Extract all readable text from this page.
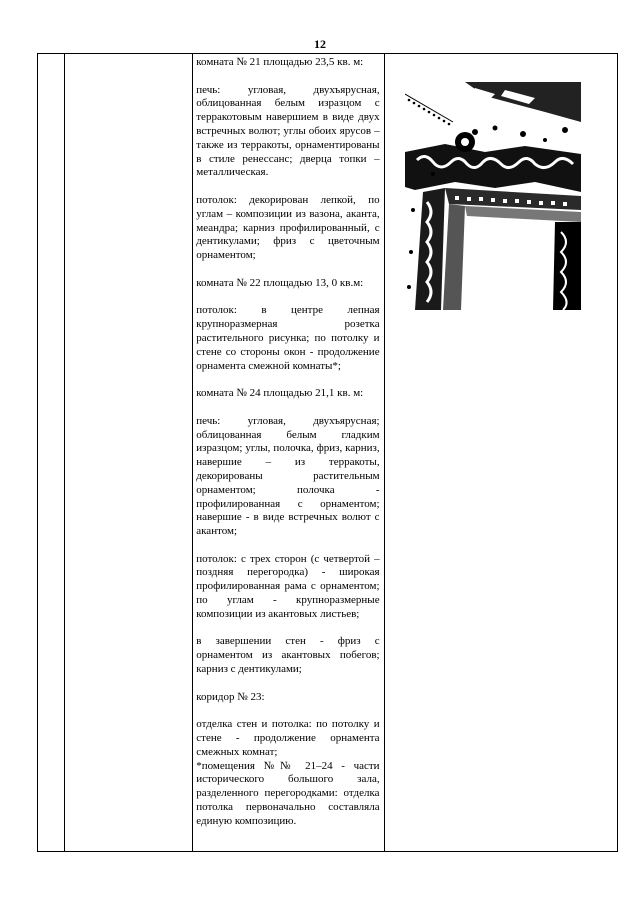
12

комната № 21 площадью 23,5 кв. м:

печь: угловая, двухъярусная, облицованная белым изразцом с терракотовым навершием в виде двух встречных волют; углы обоих ярусов – также из терракоты, орнаментированы в стиле ренессанс; дверца топки – металлическая.

потолок: декорирован лепкой, по углам – композиции из вазона, аканта, меандра; карниз профилированный, с дентикулами; фриз с цветочным орнаментом;

комната № 22 площадью 13, 0 кв.м:

потолок: в центре лепная крупноразмерная розетка растительного рисунка; по потолку и стене со стороны окон - продолжение орнамента смежной комнаты*;

комната № 24 площадью 21,1 кв. м:

печь: угловая, двухъярусная; облицованная белым гладким изразцом; углы, полочка, фриз, карниз, навершие – из терракоты, декорированы растительным орнаментом; полочка - профилированная с орнаментом; навершие - в виде встречных волют с акантом;

потолок: с трех сторон (с четвертой – поздняя перегородка) - широкая профилированная рама с орнаментом; по углам - крупноразмерные композиции из акантовых листьев;

в завершении стен - фриз с орнаментом из акантовых побегов; карниз с дентикулами;

коридор № 23:

отделка стен и потолка: по потолку и стене - продолжение орнамента смежных комнат;

*помещения №№ 21–24 - части исторического большого зала, разделенного перегородками: отделка потолка первоначально составляла единую композицию.
